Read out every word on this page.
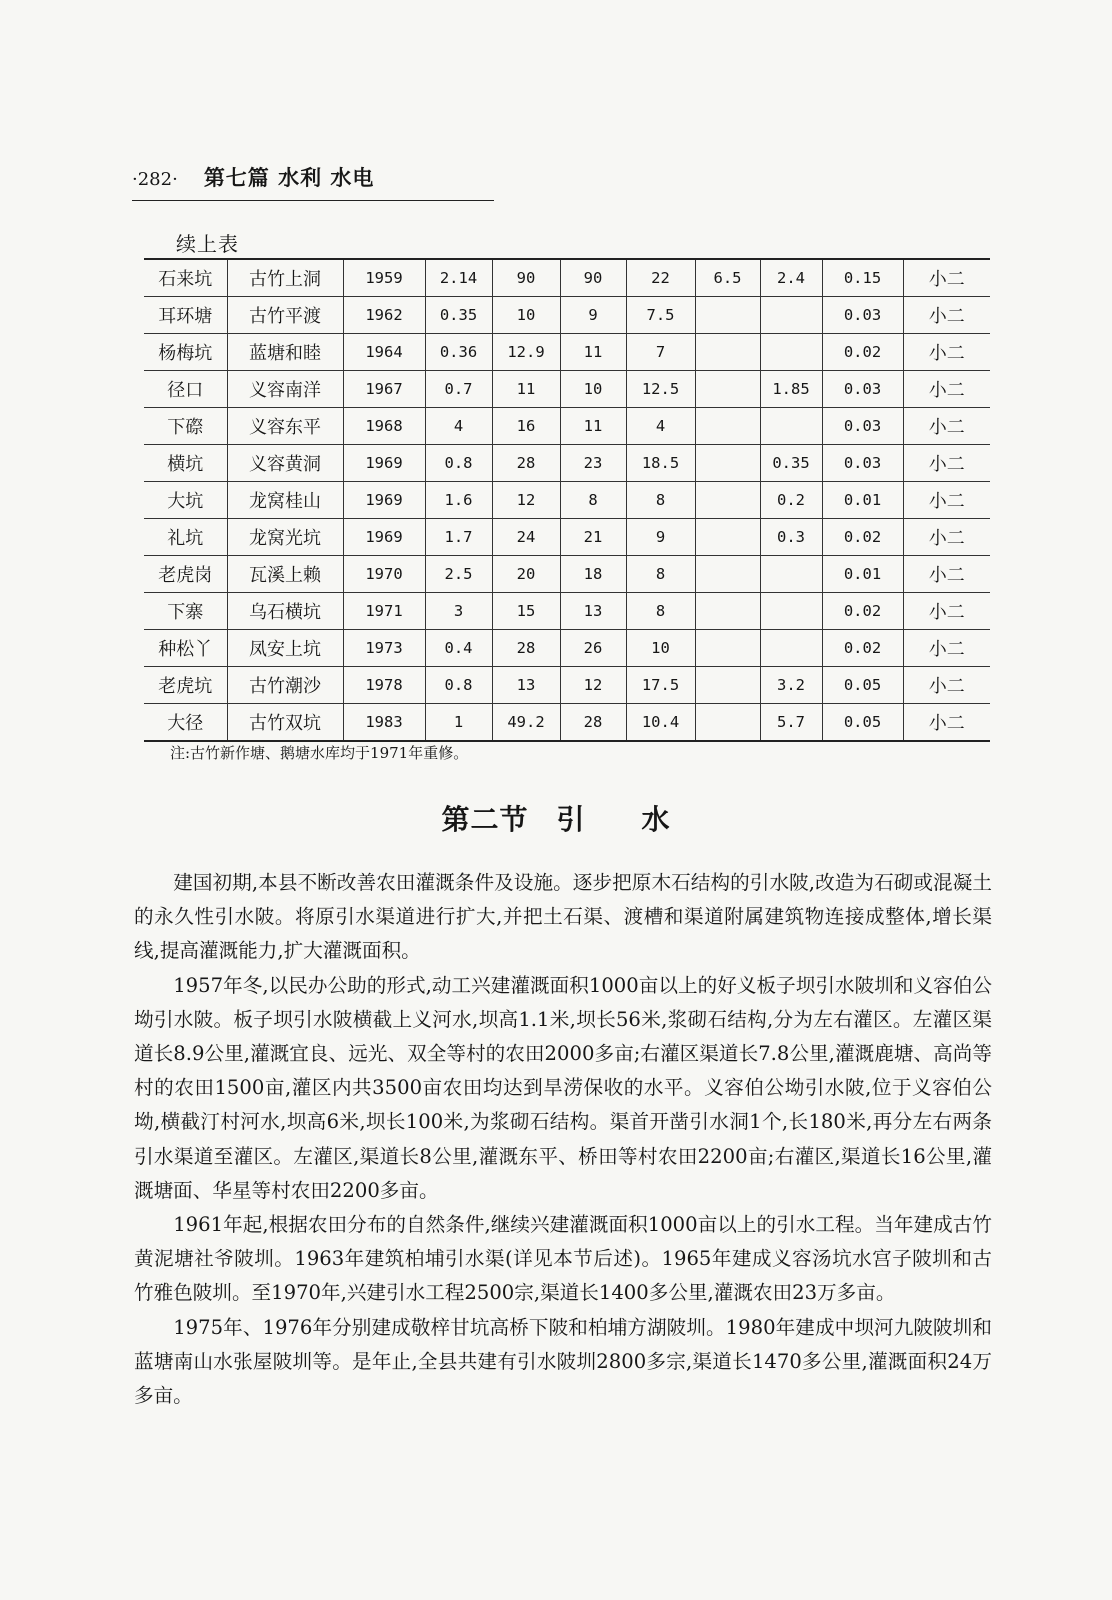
·282· 第七篇 水利 水电
续上表
石来坑	古竹上洞	1959	2.14	90	90	22	6.5	2.4	0.15	小二
耳环塘	古竹平渡	1962	0.35	10	9	7.5			0.03	小二
杨梅坑	蓝塘和睦	1964	0.36	12.9	11	7			0.02	小二
径口	义容南洋	1967	0.7	11	10	12.5		1.85	0.03	小二
下磜	义容东平	1968	4	16	11	4			0.03	小二
横坑	义容黄洞	1969	0.8	28	23	18.5		0.35	0.03	小二
大坑	龙窝桂山	1969	1.6	12	8	8		0.2	0.01	小二
礼坑	龙窝光坑	1969	1.7	24	21	9		0.3	0.02	小二
老虎岗	瓦溪上赖	1970	2.5	20	18	8			0.01	小二
下寨	乌石横坑	1971	3	15	13	8			0.02	小二
种松丫	凤安上坑	1973	0.4	28	26	10			0.02	小二
老虎坑	古竹潮沙	1978	0.8	13	12	17.5		3.2	0.05	小二
大径	古竹双坑	1983	1	49.2	28	10.4		5.7	0.05	小二
注:古竹新作塘、鹅塘水库均于1971年重修。
第二节 引 水

建国初期,本县不断改善农田灌溉条件及设施。逐步把原木石结构的引水陂,改造为石砌或混凝土的永久性引水陂。将原引水渠道进行扩大,并把土石渠、渡槽和渠道附属建筑物连接成整体,增长渠线,提高灌溉能力,扩大灌溉面积。

1957年冬,以民办公助的形式,动工兴建灌溉面积1000亩以上的好义板子坝引水陂圳和义容伯公坳引水陂。板子坝引水陂横截上义河水,坝高1.1米,坝长56米,浆砌石结构,分为左右灌区。左灌区渠道长8.9公里,灌溉宜良、远光、双全等村的农田2000多亩;右灌区渠道长7.8公里,灌溉鹿塘、高尚等村的农田1500亩,灌区内共3500亩农田均达到旱涝保收的水平。义容伯公坳引水陂,位于义容伯公坳,横截汀村河水,坝高6米,坝长100米,为浆砌石结构。渠首开凿引水洞1个,长180米,再分左右两条引水渠道至灌区。左灌区,渠道长8公里,灌溉东平、桥田等村农田2200亩;右灌区,渠道长16公里,灌溉塘面、华星等村农田2200多亩。

1961年起,根据农田分布的自然条件,继续兴建灌溉面积1000亩以上的引水工程。当年建成古竹黄泥塘社爷陂圳。1963年建筑柏埔引水渠(详见本节后述)。1965年建成义容汤坑水宫子陂圳和古竹雅色陂圳。至1970年,兴建引水工程2500宗,渠道长1400多公里,灌溉农田23万多亩。

1975年、1976年分别建成敬梓甘坑高桥下陂和柏埔方湖陂圳。1980年建成中坝河九陂陂圳和蓝塘南山水张屋陂圳等。是年止,全县共建有引水陂圳2800多宗,渠道长1470多公里,灌溉面积24万多亩。
